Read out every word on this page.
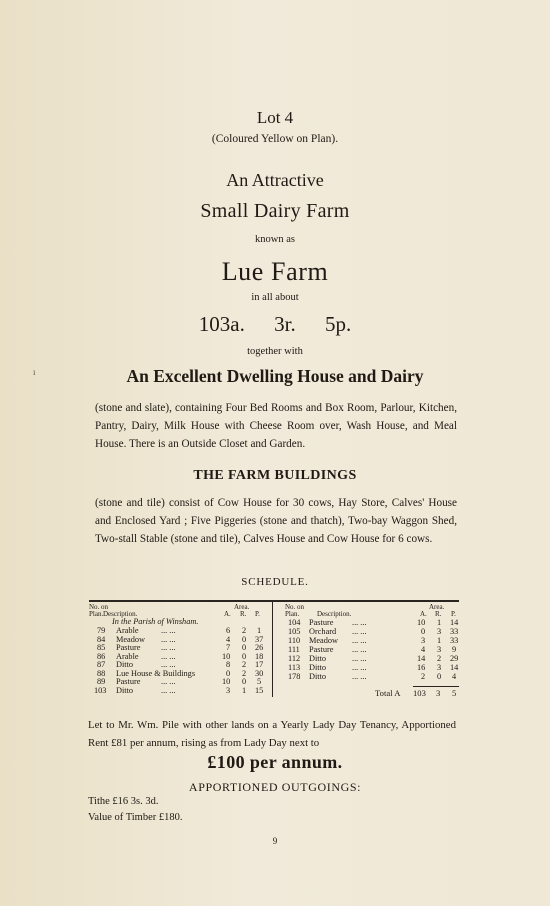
ı
Lot 4
(Coloured Yellow on Plan).
An Attractive
Small Dairy Farm
known as
Lue Farm
in all about
103a. 3r. 5p.
together with
An Excellent Dwelling House and Dairy
(stone and slate), containing Four Bed Rooms and Box Room, Parlour, Kitchen, Pantry, Dairy, Milk House with Cheese Room over, Wash House, and Meal House. There is an Outside Closet and Garden.
THE FARM BUILDINGS
(stone and tile) consist of Cow House for 30 cows, Hay Store, Calves' House and Enclosed Yard ; Five Piggeries (stone and thatch), Two-bay Waggon Shed, Two-stall Stable (stone and tile), Calves House and Cow House for 6 cows.
SCHEDULE.
No. on	Area.
Plan. Description.	A. R. P.
In the Parish of Winsham.
79 Arable	... ...	6 2 1
84 Meadow ... ...	4 0 37
85 Pasture ... ...	7 0 26
86 Arable	... ...	10 0 18
87 Ditto	... ...	8 2 17
88 Lue House & Buildings	0 2 30
89 Pasture ... ...	10 0 5
103 Ditto	... ...	3 1 15
No. on	Area.
Plan.	Description.	A. R. P.
104 Pasture ... ...	10 1 14
105 Orchard ... ...	0 3 33
110 Meadow ... ...	3 1 33
111 Pasture ... ...	4 3 9
112 Ditto	... ...	14 2 29
113 Ditto	... ...	16 3 14
178 Ditto	... ...	2 0 4
Total A 103 3 5
Let to Mr. Wm. Pile with other lands on a Yearly Lady Day Tenancy, Apportioned Rent £81 per annum, rising as from Lady Day next to
£100 per annum.
APPORTIONED OUTGOINGS:
Tithe £16 3s. 3d.
Value of Timber £180.
9
